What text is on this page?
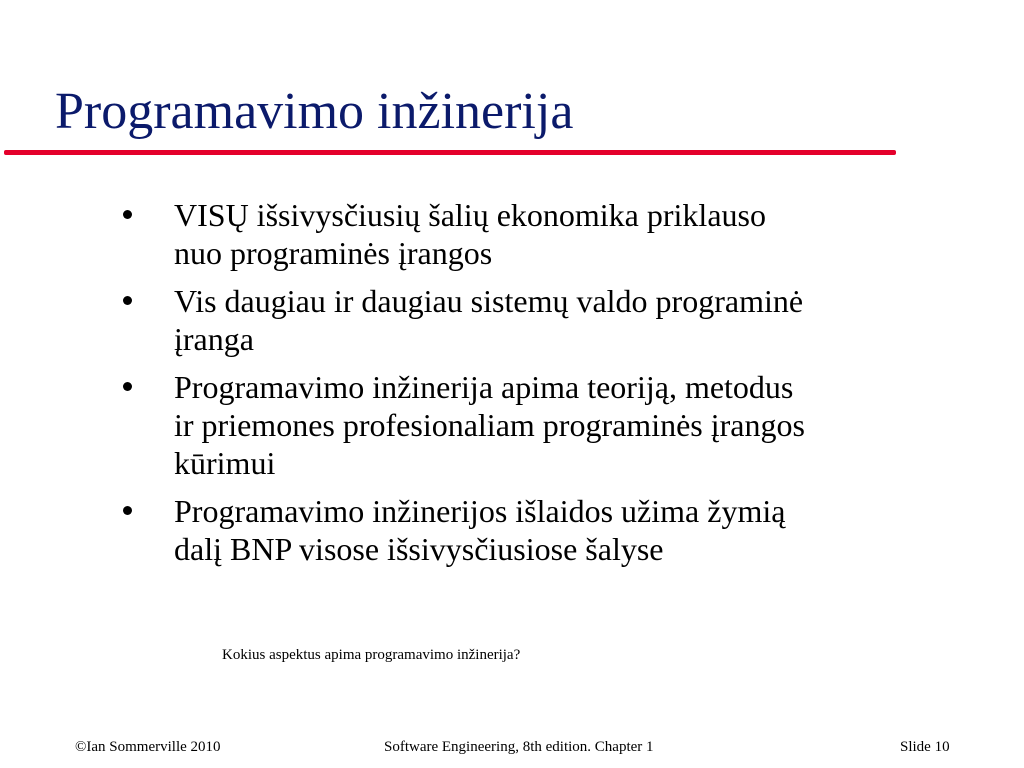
Programavimo inžinerija
VISŲ išsivysčiusių šalių ekonomika priklauso
nuo programinės įrangos
Vis daugiau ir daugiau sistemų valdo programinė
įranga
Programavimo inžinerija apima teoriją, metodus
ir priemones profesionaliam programinės įrangos
kūrimui
Programavimo inžinerijos išlaidos užima žymią
dalį BNP visose išsivysčiusiose šalyse
Kokius aspektus apima programavimo inžinerija?
©Ian Sommerville 2010	Software Engineering, 8th edition. Chapter 1	Slide 10
